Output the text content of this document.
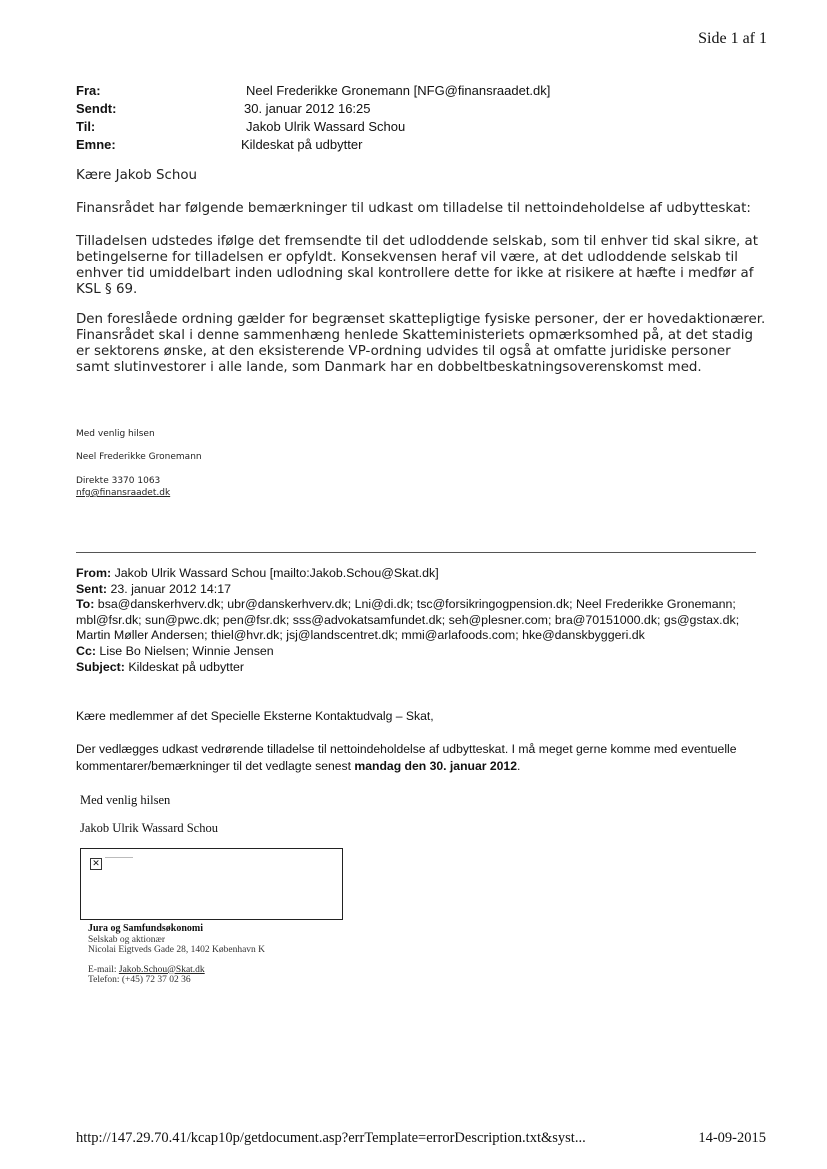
Side 1 af 1
Fra:	Neel Frederikke Gronemann [NFG@finansraadet.dk]
Sendt:	30. januar 2012 16:25
Til:	Jakob Ulrik Wassard Schou
Emne:	Kildeskat på udbytter

Kære Jakob Schou

Finansrådet har følgende bemærkninger til udkast om tilladelse til nettoindeholdelse af udbytteskat:

Tilladelsen udstedes ifølge det fremsendte til det udloddende selskab, som til enhver tid skal sikre, at betingelserne for tilladelsen er opfyldt. Konsekvensen heraf vil være, at det udloddende selskab til enhver tid umiddelbart inden udlodning skal kontrollere dette for ikke at risikere at hæfte i medfør af KSL § 69.

Den foreslåede ordning gælder for begrænset skattepligtige fysiske personer, der er hovedaktionærer. Finansrådet skal i denne sammenhæng henlede Skatteministeriets opmærksomhed på, at det stadig er sektorens ønske, at den eksisterende VP-ordning udvides til også at omfatte juridiske personer samt slutinvestorer i alle lande, som Danmark har en dobbeltbeskatningsoverenskomst med.

Med venlig hilsen
Neel Frederikke Gronemann
Direkte 3370 1063
nfg@finansraadet.dk

From: Jakob Ulrik Wassard Schou [mailto:Jakob.Schou@Skat.dk]

Sent: 23. januar 2012 14:17

To: bsa@danskerhverv.dk; ubr@danskerhverv.dk; Lni@di.dk; tsc@forsikringogpension.dk; Neel Frederikke Gronemann; mbl@fsr.dk; sun@pwc.dk; pen@fsr.dk; sss@advokatsamfundet.dk; seh@plesner.com; bra@70151000.dk; gs@gstax.dk; Martin Møller Andersen; thiel@hvr.dk; jsj@landscentret.dk; mmi@arlafoods.com; hke@danskbyggeri.dk

Cc: Lise Bo Nielsen; Winnie Jensen

Subject: Kildeskat på udbytter

Kære medlemmer af det Specielle Eksterne Kontaktudvalg – Skat,

Der vedlægges udkast vedrørende tilladelse til nettoindeholdelse af udbytteskat. I må meget gerne komme med eventuelle kommentarer/bemærkninger til det vedlagte senest mandag den 30. januar 2012.

Med venlig hilsen
Jakob Ulrik Wassard Schou
✕
Jura og Samfundsøkonomi
Selskab og aktionær
Nicolai Eigtveds Gade 28, 1402 København K
E-mail: Jakob.Schou@Skat.dk
Telefon: (+45) 72 37 02 36
http://147.29.70.41/kcap10p/getdocument.asp?errTemplate=errorDescription.txt&syst...	14-09-2015
